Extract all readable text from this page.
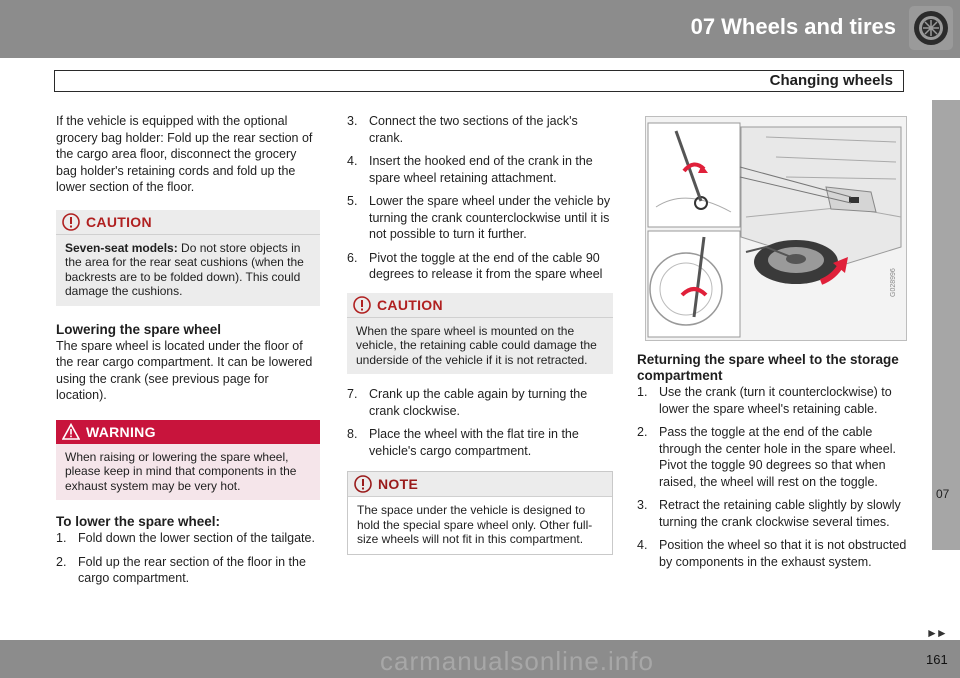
07 Wheels and tires
Changing wheels
07

If the vehicle is equipped with the optional grocery bag holder: Fold up the rear section of the cargo area floor, disconnect the grocery bag holder's retaining cords and fold up the lower section of the floor.

CAUTION
Seven-seat models: Do not store objects in the area for the rear seat cushions (when the backrests are to be folded down). This could damage the cushions.
Lowering the spare wheel

The spare wheel is located under the floor of the rear cargo compartment. It can be lowered using the crank (see previous page for location).

WARNING
When raising or lowering the spare wheel, please keep in mind that components in the exhaust system may be very hot.
To lower the spare wheel:
1. Fold down the lower section of the tailgate.
2. Fold up the rear section of the floor in the cargo compartment.
3. Connect the two sections of the jack's crank.
4. Insert the hooked end of the crank in the spare wheel retaining attachment.
5. Lower the spare wheel under the vehicle by turning the crank counterclockwise until it is not possible to turn it further.
6. Pivot the toggle at the end of the cable 90 degrees to release it from the spare wheel
CAUTION
When the spare wheel is mounted on the vehicle, the retaining cable could damage the underside of the vehicle if it is not retracted.
7. Crank up the cable again by turning the crank clockwise.
8. Place the wheel with the flat tire in the vehicle's cargo compartment.
NOTE
The space under the vehicle is designed to hold the special spare wheel only. Other full-size wheels will not fit in this compartment.
G028996
Returning the spare wheel to the storage compartment
1. Use the crank (turn it counterclockwise) to lower the spare wheel's retaining cable.
2. Pass the toggle at the end of the cable through the center hole in the spare wheel. Pivot the toggle 90 degrees so that when raised, the wheel will rest on the toggle.
3. Retract the retaining cable slightly by slowly turning the crank clockwise several times.
4. Position the wheel so that it is not obstructed by components in the exhaust system.
carmanualsonline.info
►►
161
